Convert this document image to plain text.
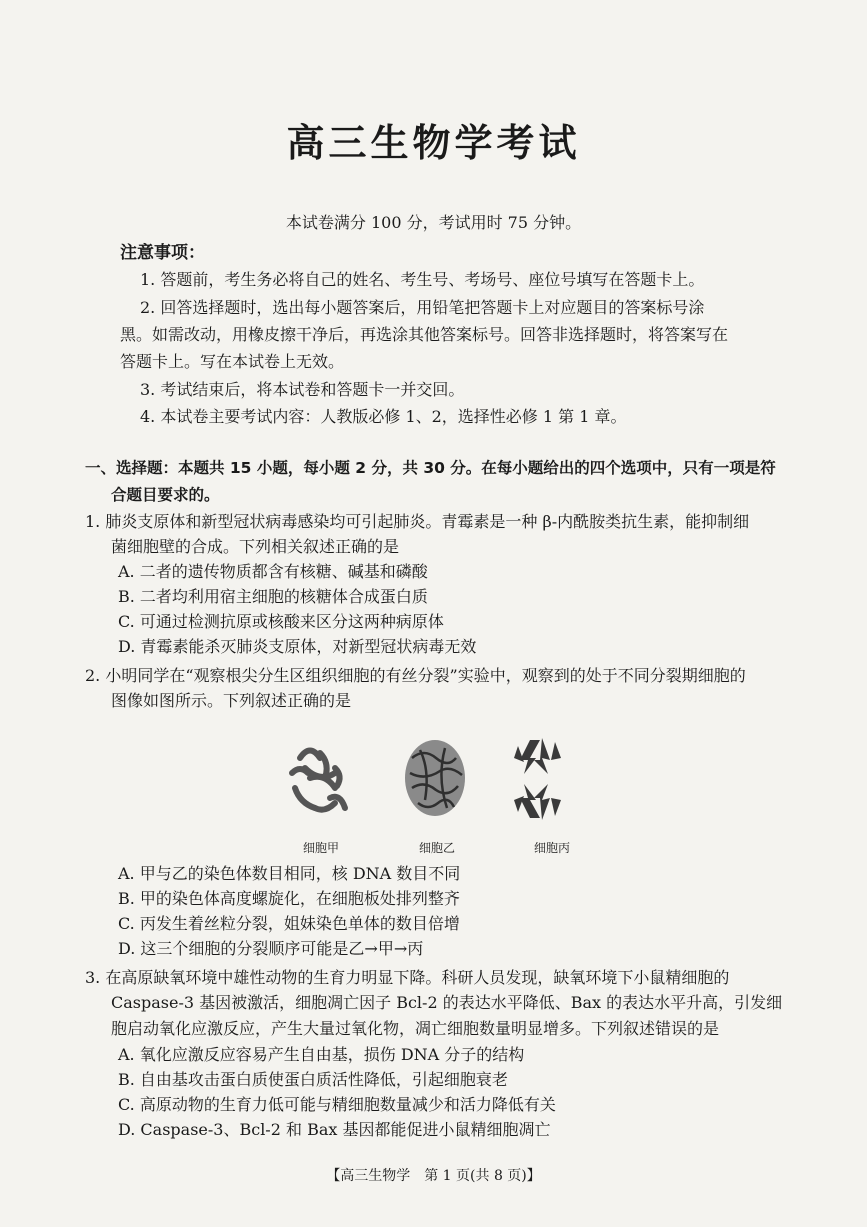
高三生物学考试
本试卷满分 100 分，考试用时 75 分钟。
注意事项：
1. 答题前，考生务必将自己的姓名、考生号、考场号、座位号填写在答题卡上。
2. 回答选择题时，选出每小题答案后，用铅笔把答题卡上对应题目的答案标号涂
黑。如需改动，用橡皮擦干净后，再选涂其他答案标号。回答非选择题时，将答案写在
答题卡上。写在本试卷上无效。
3. 考试结束后，将本试卷和答题卡一并交回。
4. 本试卷主要考试内容：人教版必修 1、2，选择性必修 1 第 1 章。
一、选择题：本题共 15 小题，每小题 2 分，共 30 分。在每小题给出的四个选项中，只有一项是符
合题目要求的。
1. 肺炎支原体和新型冠状病毒感染均可引起肺炎。青霉素是一种 β-内酰胺类抗生素，能抑制细
菌细胞壁的合成。下列相关叙述正确的是
A. 二者的遗传物质都含有核糖、碱基和磷酸
B. 二者均利用宿主细胞的核糖体合成蛋白质
C. 可通过检测抗原或核酸来区分这两种病原体
D. 青霉素能杀灭肺炎支原体，对新型冠状病毒无效
2. 小明同学在“观察根尖分生区组织细胞的有丝分裂”实验中，观察到的处于不同分裂期细胞的
图像如图所示。下列叙述正确的是
细胞甲	细胞乙	细胞丙
A. 甲与乙的染色体数目相同，核 DNA 数目不同
B. 甲的染色体高度螺旋化，在细胞板处排列整齐
C. 丙发生着丝粒分裂，姐妹染色单体的数目倍增
D. 这三个细胞的分裂顺序可能是乙→甲→丙
3. 在高原缺氧环境中雄性动物的生育力明显下降。科研人员发现，缺氧环境下小鼠精细胞的
Caspase-3 基因被激活，细胞凋亡因子 Bcl-2 的表达水平降低、Bax 的表达水平升高，引发细
胞启动氧化应激反应，产生大量过氧化物，凋亡细胞数量明显增多。下列叙述错误的是
A. 氧化应激反应容易产生自由基，损伤 DNA 分子的结构
B. 自由基攻击蛋白质使蛋白质活性降低，引起细胞衰老
C. 高原动物的生育力低可能与精细胞数量减少和活力降低有关
D. Caspase-3、Bcl-2 和 Bax 基因都能促进小鼠精细胞凋亡
【高三生物学　第 1 页(共 8 页)】
